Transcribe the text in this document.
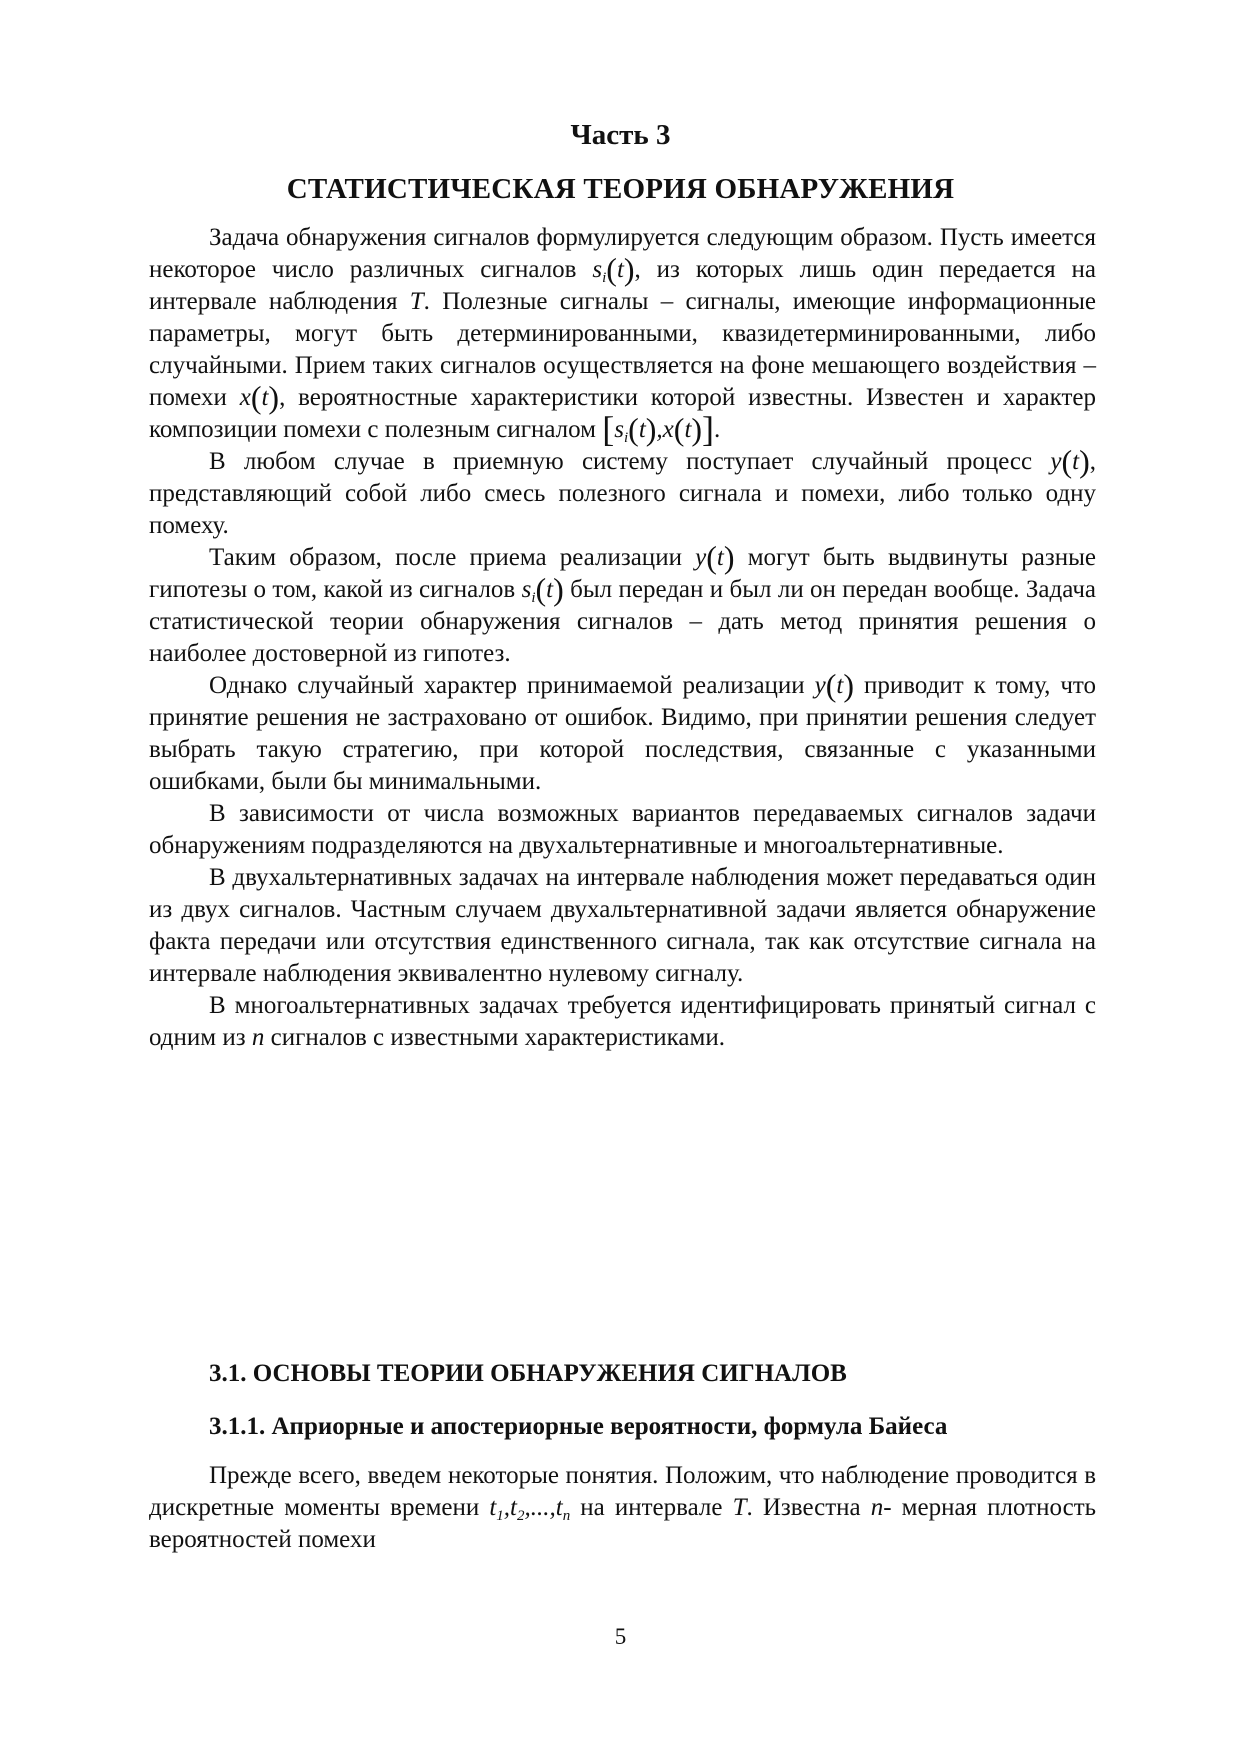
Часть 3
СТАТИСТИЧЕСКАЯ ТЕОРИЯ ОБНАРУЖЕНИЯ

Задача обнаружения сигналов формулируется следующим образом. Пусть имеется некоторое число различных сигналов $s_i(t)$, из которых лишь один передается на интервале наблюдения T. Полезные сигналы – сигналы, имеющие информационные параметры, могут быть детерминированными, квазидетерминированными, либо случайными. Прием таких сигналов осуществляется на фоне мешающего воздействия – помехи x(t), вероятностные характеристики которой известны. Известен и характер композиции помехи с полезным сигналом $[s_i(t),x(t)]$.

В любом случае в приемную систему поступает случайный процесс y(t), представляющий собой либо смесь полезного сигнала и помехи, либо только одну помеху.

Таким образом, после приема реализации y(t) могут быть выдвинуты разные гипотезы о том, какой из сигналов $s_i(t)$ был передан и был ли он передан вообще. Задача статистической теории обнаружения сигналов – дать метод принятия решения о наиболее достоверной из гипотез.

Однако случайный характер принимаемой реализации y(t) приводит к тому, что принятие решения не застраховано от ошибок. Видимо, при принятии решения следует выбрать такую стратегию, при которой последствия, связанные с указанными ошибками, были бы минимальными.

В зависимости от числа возможных вариантов передаваемых сигналов задачи обнаружениям подразделяются на двухальтернативные и многоальтернативные.

В двухальтернативных задачах на интервале наблюдения может передаваться один из двух сигналов. Частным случаем двухальтернативной задачи является обнаружение факта передачи или отсутствия единственного сигнала, так как отсутствие сигнала на интервале наблюдения эквивалентно нулевому сигналу.

В многоальтернативных задачах требуется идентифицировать принятый сигнал с одним из n сигналов с известными характеристиками.

3.1. ОСНОВЫ ТЕОРИИ ОБНАРУЖЕНИЯ СИГНАЛОВ
3.1.1. Априорные и апостериорные вероятности, формула Байеса

Прежде всего, введем некоторые понятия. Положим, что наблюдение проводится в дискретные моменты времени $t_1,t_2,...,t_n$ на интервале T. Известна n- мерная плотность вероятностей помехи

5
